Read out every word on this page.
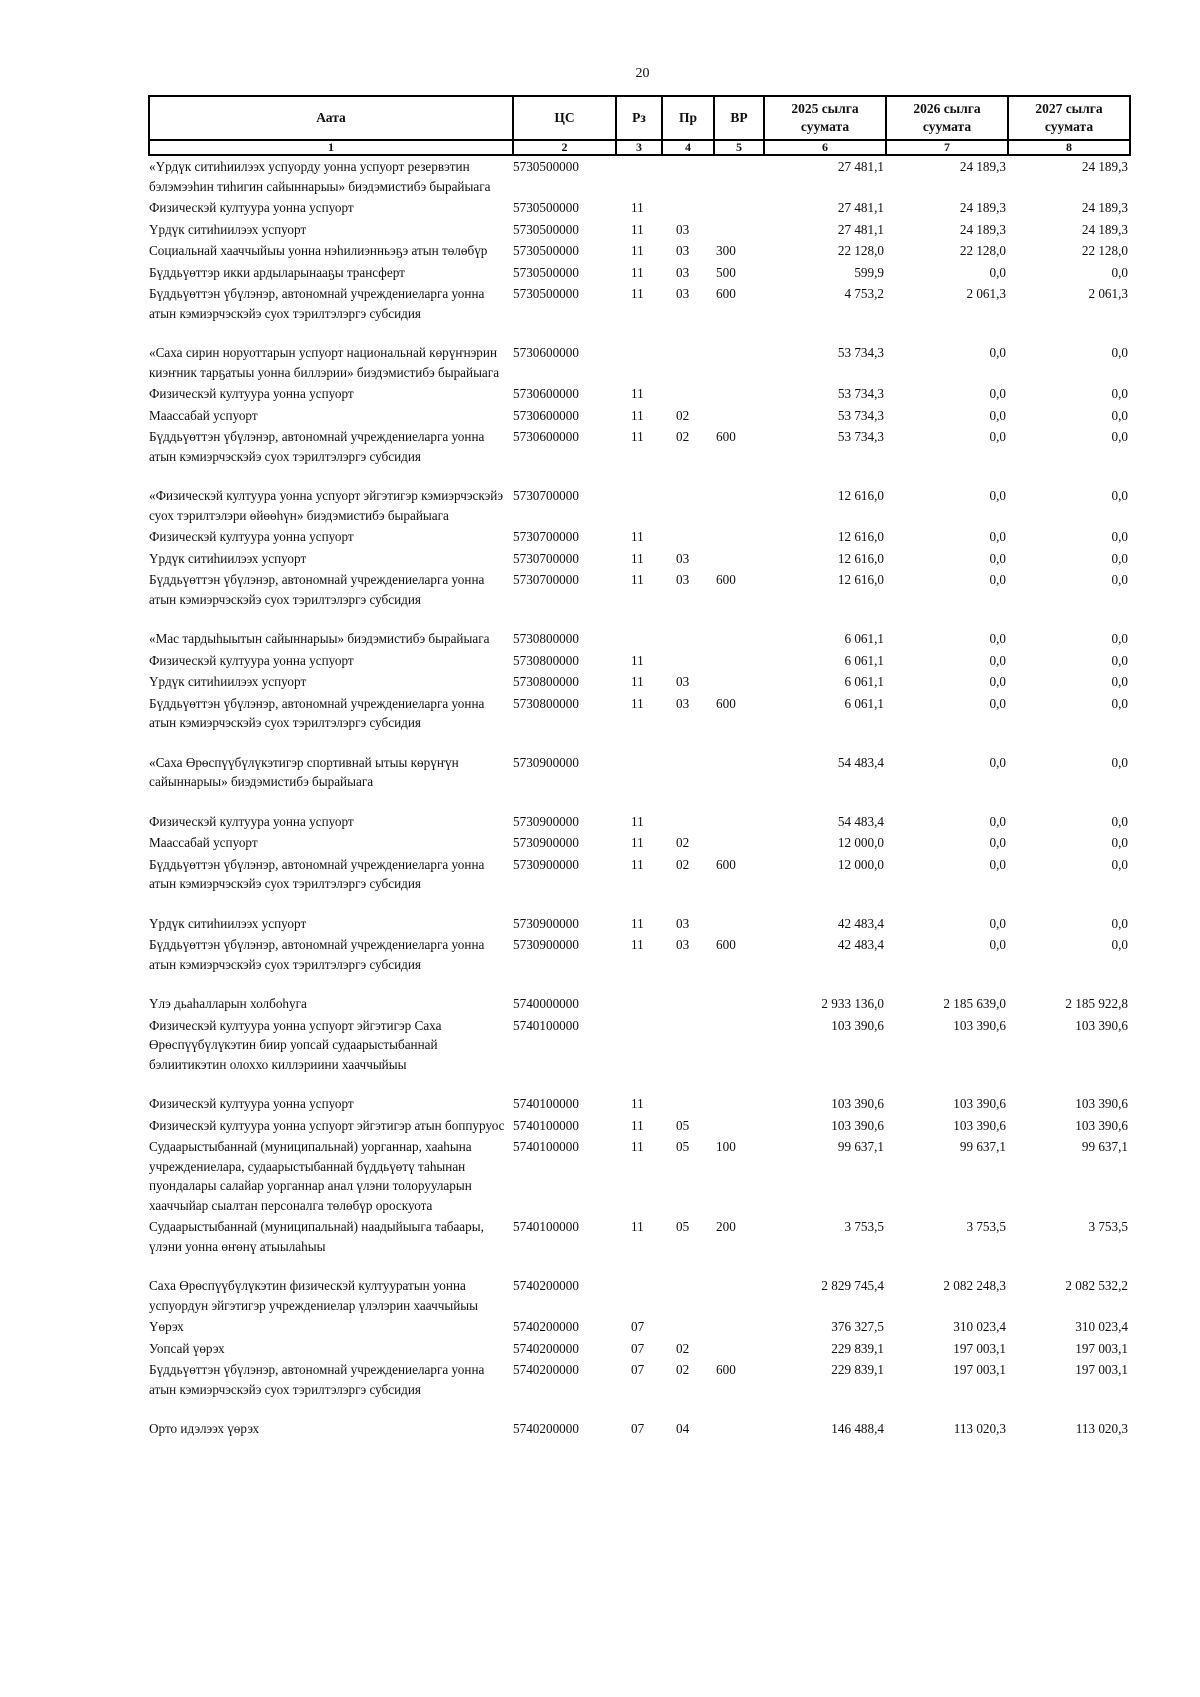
20
Аата	ЦС	Рз	Пр	ВР	2025 сылга суумата	2026 сылга суумата	2027 сылга суумата
1	2	3	4	5	6	7	8
«Үрдүк ситиһиилээх успуорду уонна успуорт резервэтин бэлэмээһин тиһигин сайыннарыы» биэдэмистибэ бырайыага	5730500000				27 481,1	24 189,3	24 189,3
Физическэй култуура уонна успуорт	5730500000	11			27 481,1	24 189,3	24 189,3
Үрдүк ситиһиилээх успуорт	5730500000	11	03		27 481,1	24 189,3	24 189,3
Социальнай хааччыйыы уонна нэһилиэнньэҕэ атын төлөбүр	5730500000	11	03	300	22 128,0	22 128,0	22 128,0
Бүддьүөттэр икки ардыларынааҕы трансферт	5730500000	11	03	500	599,9	0,0	0,0
Бүддьүөттэн үбүлэнэр, автономнай учреждениеларга уонна атын кэмиэрчэскэйэ суох тэрилтэлэргэ субсидия	5730500000	11	03	600	4 753,2	2 061,3	2 061,3
«Саха сирин норуоттарын успуорт национальнай көрүҥнэрин киэҥник тарҕатыы уонна биллэрии» биэдэмистибэ бырайыага	5730600000				53 734,3	0,0	0,0
Физическэй култуура уонна успуорт	5730600000	11			53 734,3	0,0	0,0
Маассабай успуорт	5730600000	11	02		53 734,3	0,0	0,0
Бүддьүөттэн үбүлэнэр, автономнай учреждениеларга уонна атын кэмиэрчэскэйэ суох тэрилтэлэргэ субсидия	5730600000	11	02	600	53 734,3	0,0	0,0
«Физическэй култуура уонна успуорт эйгэтигэр кэмиэрчэскэйэ суох тэрилтэлэри өйөөһүн» биэдэмистибэ бырайыага	5730700000				12 616,0	0,0	0,0
Физическэй култуура уонна успуорт	5730700000	11			12 616,0	0,0	0,0
Үрдүк ситиһиилээх успуорт	5730700000	11	03		12 616,0	0,0	0,0
Бүддьүөттэн үбүлэнэр, автономнай учреждениеларга уонна атын кэмиэрчэскэйэ суох тэрилтэлэргэ субсидия	5730700000	11	03	600	12 616,0	0,0	0,0
«Мас тардыһыытын сайыннарыы» биэдэмистибэ бырайыага	5730800000				6 061,1	0,0	0,0
Физическэй култуура уонна успуорт	5730800000	11			6 061,1	0,0	0,0
Үрдүк ситиһиилээх успуорт	5730800000	11	03		6 061,1	0,0	0,0
Бүддьүөттэн үбүлэнэр, автономнай учреждениеларга уонна атын кэмиэрчэскэйэ суох тэрилтэлэргэ субсидия	5730800000	11	03	600	6 061,1	0,0	0,0
«Саха Өрөспүүбүлүкэтигэр спортивнай ытыы көрүҥүн сайыннарыы» биэдэмистибэ бырайыага	5730900000				54 483,4	0,0	0,0
Физическэй култуура уонна успуорт	5730900000	11			54 483,4	0,0	0,0
Маассабай успуорт	5730900000	11	02		12 000,0	0,0	0,0
Бүддьүөттэн үбүлэнэр, автономнай учреждениеларга уонна атын кэмиэрчэскэйэ суох тэрилтэлэргэ субсидия	5730900000	11	02	600	12 000,0	0,0	0,0
Үрдүк ситиһиилээх успуорт	5730900000	11	03		42 483,4	0,0	0,0
Бүддьүөттэн үбүлэнэр, автономнай учреждениеларга уонна атын кэмиэрчэскэйэ суох тэрилтэлэргэ субсидия	5730900000	11	03	600	42 483,4	0,0	0,0
Үлэ дьаһалларын холбоһуга	5740000000				2 933 136,0	2 185 639,0	2 185 922,8
Физическэй култуура уонна успуорт эйгэтигэр Саха Өрөспүүбүлүкэтин биир уопсай судаарыстыбаннай бэлиитикэтин олоххо киллэриини хааччыйыы	5740100000				103 390,6	103 390,6	103 390,6
Физическэй култуура уонна успуорт	5740100000	11			103 390,6	103 390,6	103 390,6
Физическэй култуура уонна успуорт эйгэтигэр атын боппуруос	5740100000	11	05		103 390,6	103 390,6	103 390,6
Судаарыстыбаннай (муниципальнай) уорганнар, хааһына учреждениелара, судаарыстыбаннай бүддьүөтү таһынан пуондалары салайар уорганнар анал үлэни толорууларын хааччыйар сыалтан персоналга төлөбүр ороскуота	5740100000	11	05	100	99 637,1	99 637,1	99 637,1
Судаарыстыбаннай (муниципальнай) наадыйыыга табаары, үлэни уонна өҥөнү атыылаһыы	5740100000	11	05	200	3 753,5	3 753,5	3 753,5
Саха Өрөспүүбүлүкэтин физическэй култууратын уонна успуордун эйгэтигэр учреждениелар үлэлэрин хааччыйыы	5740200000				2 829 745,4	2 082 248,3	2 082 532,2
Үөрэх	5740200000	07			376 327,5	310 023,4	310 023,4
Уопсай үөрэх	5740200000	07	02		229 839,1	197 003,1	197 003,1
Бүддьүөттэн үбүлэнэр, автономнай учреждениеларга уонна атын кэмиэрчэскэйэ суох тэрилтэлэргэ субсидия	5740200000	07	02	600	229 839,1	197 003,1	197 003,1
Орто идэлээх үөрэх	5740200000	07	04		146 488,4	113 020,3	113 020,3
